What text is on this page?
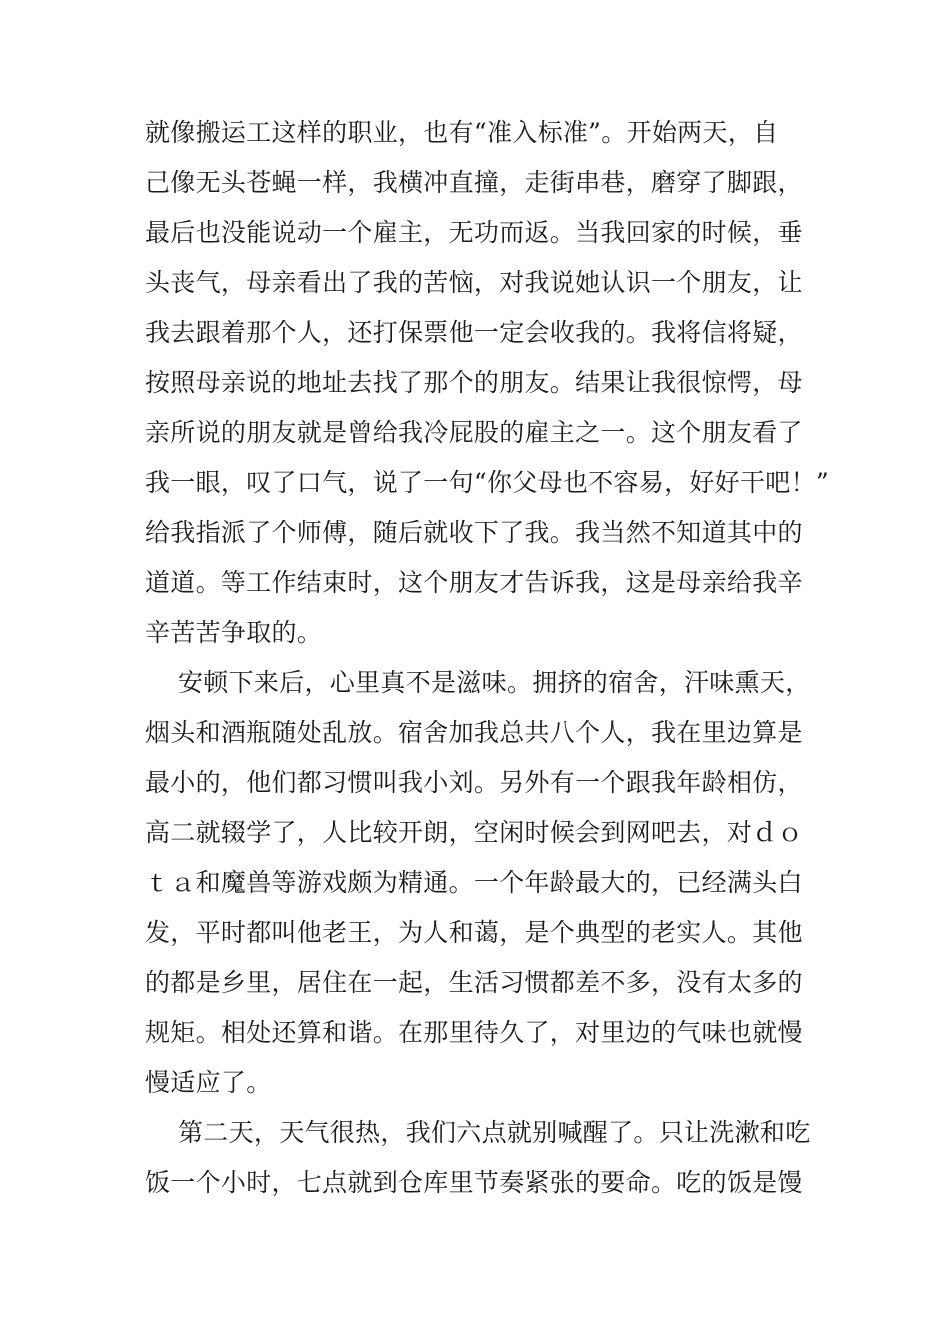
就像搬运工这样的职业，也有“准入标准”。开始两天，自
己像无头苍蝇一样，我横冲直撞，走街串巷，磨穿了脚跟，
最后也没能说动一个雇主，无功而返。当我回家的时候，垂
头丧气，母亲看出了我的苦恼，对我说她认识一个朋友，让
我去跟着那个人，还打保票他一定会收我的。我将信将疑，
按照母亲说的地址去找了那个的朋友。结果让我很惊愕，母
亲所说的朋友就是曾给我冷屁股的雇主之一。这个朋友看了
我一眼，叹了口气，说了一句“你父母也不容易，好好干吧！”
给我指派了个师傅，随后就收下了我。我当然不知道其中的
道道。等工作结束时，这个朋友才告诉我，这是母亲给我辛
辛苦苦争取的。
安顿下来后，心里真不是滋味。拥挤的宿舍，汗味熏天，
烟头和酒瓶随处乱放。宿舍加我总共八个人，我在里边算是
最小的，他们都习惯叫我小刘。另外有一个跟我年龄相仿，
高二就辍学了，人比较开朗，空闲时候会到网吧去，对ｄｏ
ｔａ和魔兽等游戏颇为精通。一个年龄最大的，已经满头白
发，平时都叫他老王，为人和蔼，是个典型的老实人。其他
的都是乡里，居住在一起，生活习惯都差不多，没有太多的
规矩。相处还算和谐。在那里待久了，对里边的气味也就慢
慢适应了。
第二天，天气很热，我们六点就别喊醒了。只让洗漱和吃
饭一个小时，七点就到仓库里节奏紧张的要命。吃的饭是馒
